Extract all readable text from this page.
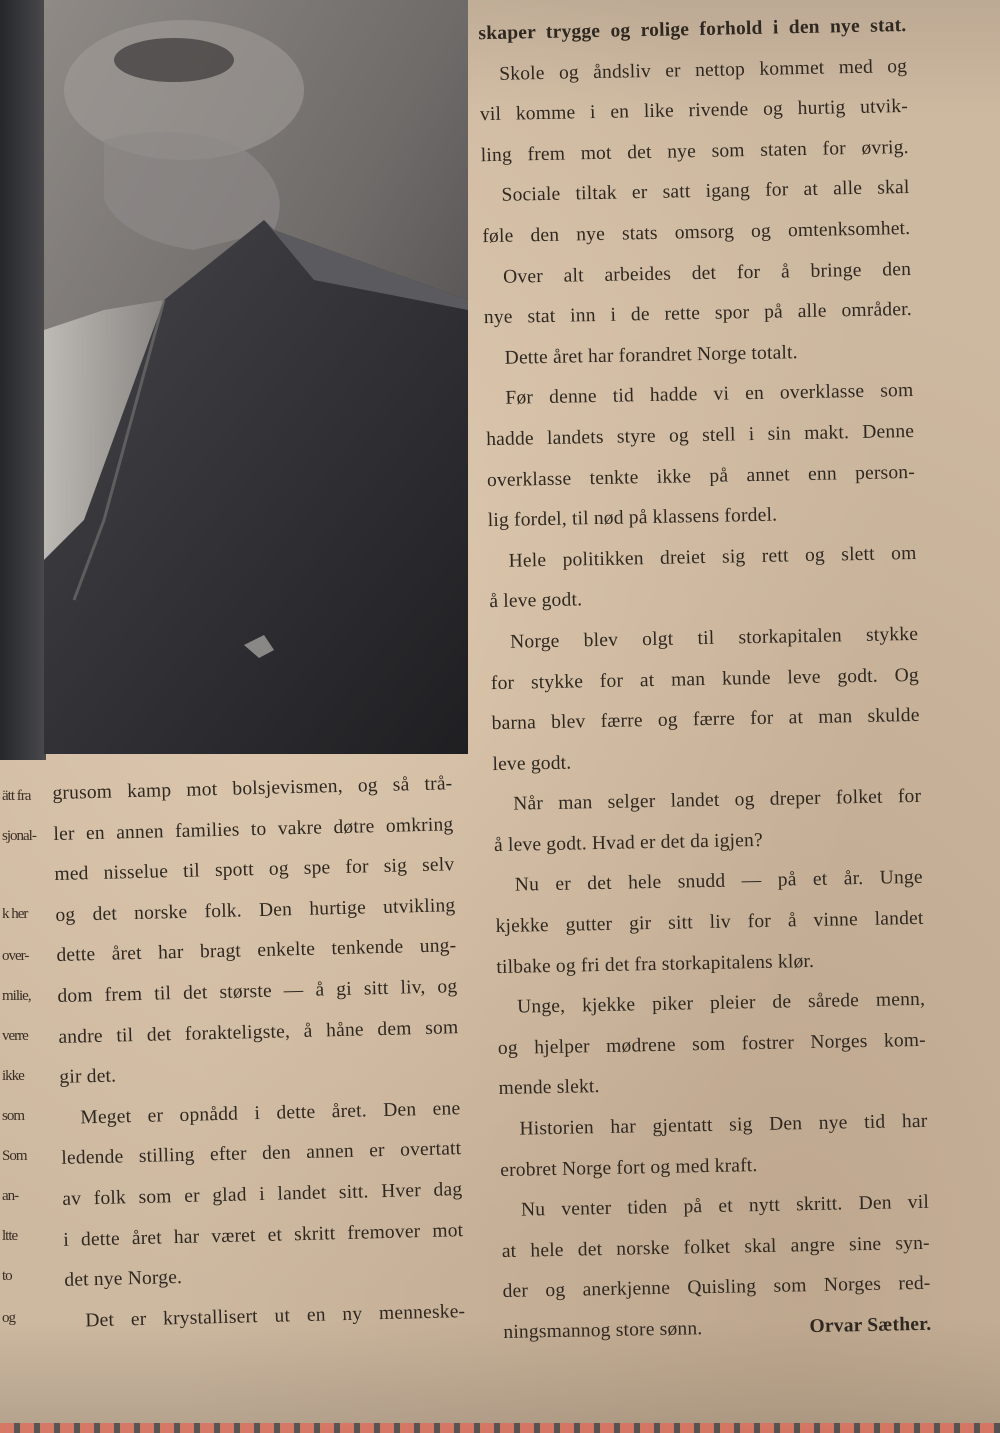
ätt fra
sjonal-
k her
over-
milie,
verre
ikke
som
Som
an-
ltte
to
og
grusom kamp mot bolsjevismen, og så trå-
ler en annen families to vakre døtre omkring
med nisselue til spott og spe for sig selv
og det norske folk. Den hurtige utvikling
dette året har bragt enkelte tenkende ung-
dom frem til det største — å gi sitt liv, og
andre til det forakteligste, å håne dem som
gir det.
Meget er opnådd i dette året. Den ene
ledende stilling efter den annen er overtatt
av folk som er glad i landet sitt. Hver dag
i dette året har været et skritt fremover mot
det nye Norge.
Det er krystallisert ut en ny menneske-
skaper trygge og rolige forhold i den nye stat.
Skole og åndsliv er nettop kommet med og
vil komme i en like rivende og hurtig utvik-
ling frem mot det nye som staten for øvrig.
Sociale tiltak er satt igang for at alle skal
føle den nye stats omsorg og omtenksomhet.
Over alt arbeides det for å bringe den
nye stat inn i de rette spor på alle områder.
Dette året har forandret Norge totalt.
Før denne tid hadde vi en overklasse som
hadde landets styre og stell i sin makt. Denne
overklasse tenkte ikke på annet enn person-
lig fordel, til nød på klassens fordel.
Hele politikken dreiet sig rett og slett om
å leve godt.
Norge blev olgt til storkapitalen stykke
for stykke for at man kunde leve godt. Og
barna blev færre og færre for at man skulde
leve godt.
Når man selger landet og dreper folket for
å leve godt. Hvad er det da igjen?
Nu er det hele snudd — på et år. Unge
kjekke gutter gir sitt liv for å vinne landet
tilbake og fri det fra storkapitalens klør.
Unge, kjekke piker pleier de sårede menn,
og hjelper mødrene som fostrer Norges kom-
mende slekt.
Historien har gjentatt sig Den nye tid har
erobret Norge fort og med kraft.
Nu venter tiden på et nytt skritt. Den vil
at hele det norske folket skal angre sine syn-
der og anerkjenne Quisling som Norges red-
ningsmannog store sønn.	Orvar Sæther.
